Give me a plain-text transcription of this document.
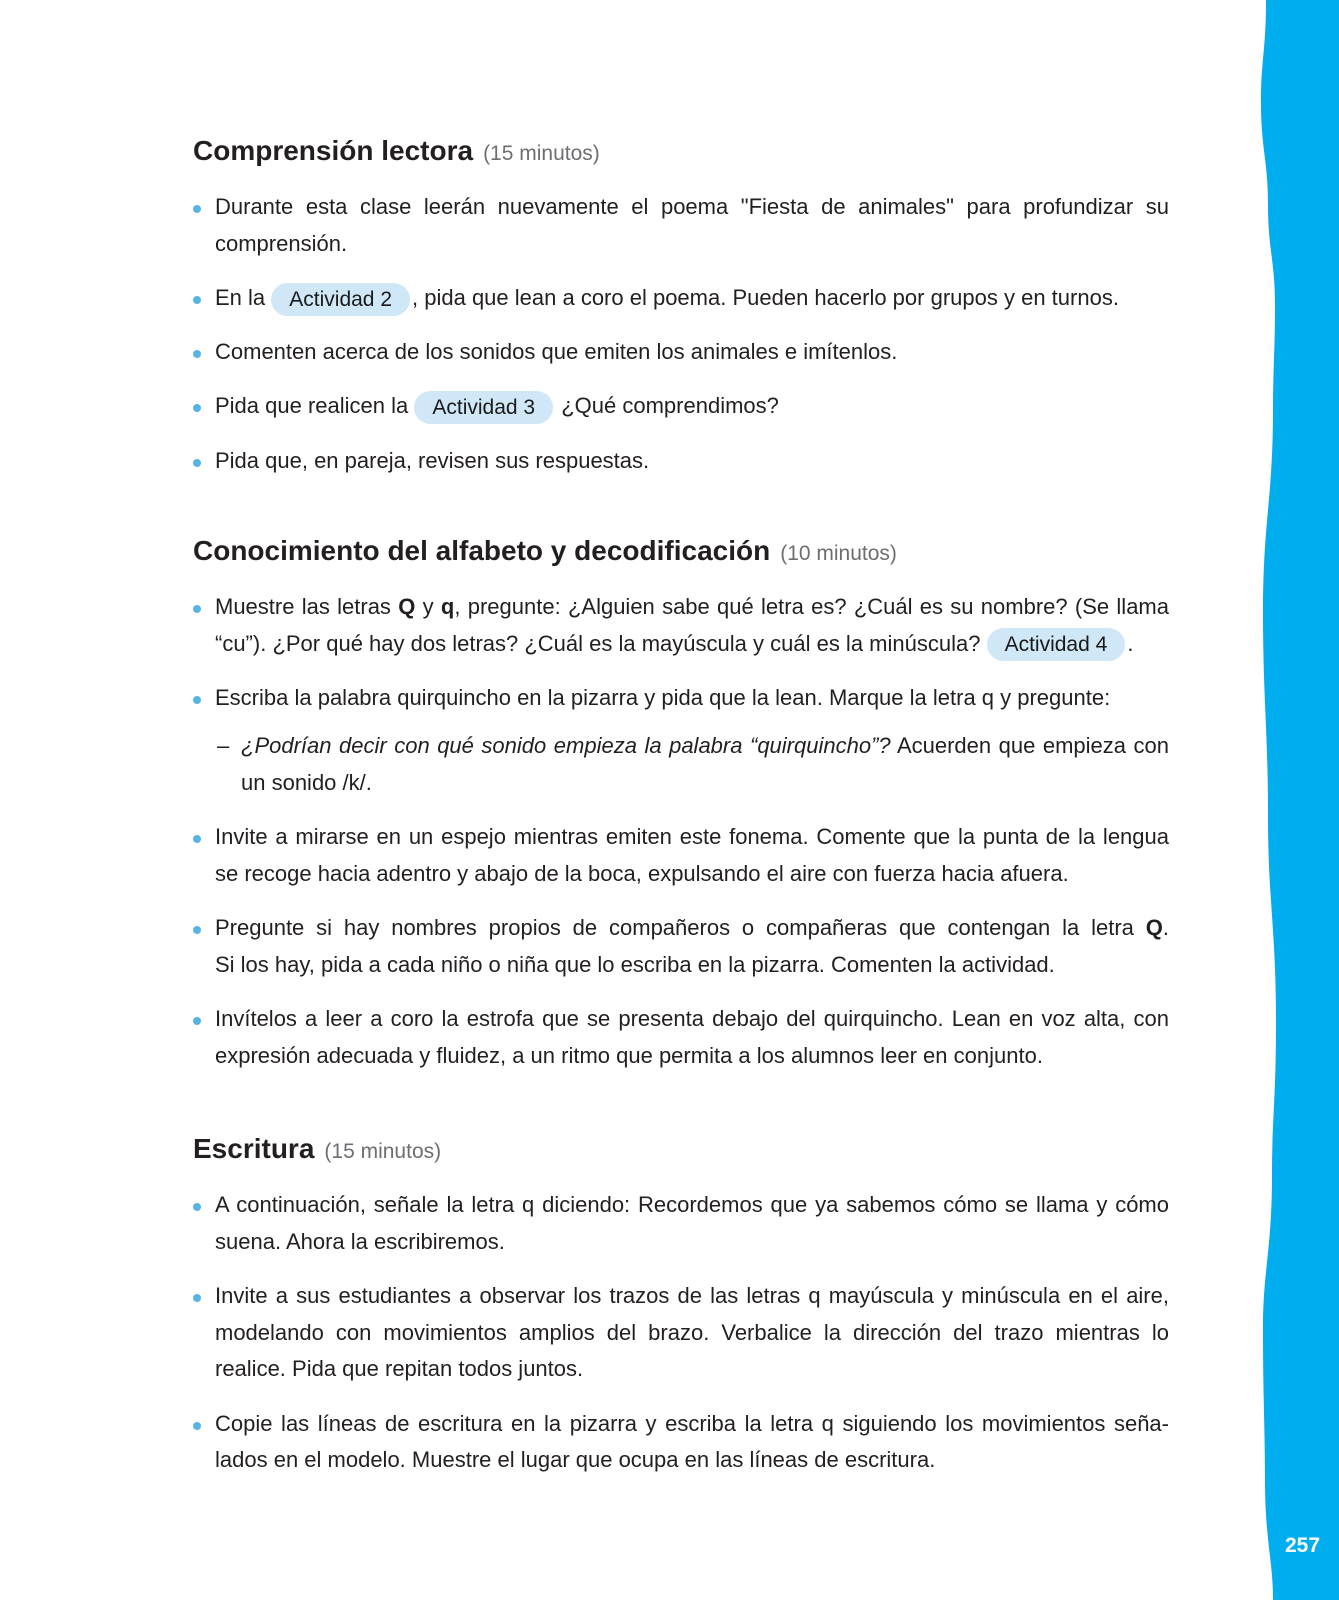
257
Comprensión lectora (15 minutos)
Durante esta clase leerán nuevamente el poema "Fiesta de animales" para profundizar su
comprensión.
En la Actividad 2 , pida que lean a coro el poema. Pueden hacerlo por grupos y en turnos.
Comenten acerca de los sonidos que emiten los animales e imítenlos.
Pida que realicen la Actividad 3 ¿Qué comprendimos?
Pida que, en pareja, revisen sus respuestas.
Conocimiento del alfabeto y decodificación (10 minutos)
Muestre las letras Q y q, pregunte: ¿Alguien sabe qué letra es? ¿Cuál es su nombre? (Se llama
“cu”). ¿Por qué hay dos letras? ¿Cuál es la mayúscula y cuál es la minúscula? Actividad 4 .
Escriba la palabra quirquincho en la pizarra y pida que la lean. Marque la letra q y pregunte:
– ¿Podrían decir con qué sonido empieza la palabra “quirquincho”? Acuerden que empieza con
un sonido /k/.
Invite a mirarse en un espejo mientras emiten este fonema. Comente que la punta de la lengua
se recoge hacia adentro y abajo de la boca, expulsando el aire con fuerza hacia afuera.
Pregunte si hay nombres propios de compañeros o compañeras que contengan la letra Q.
Si los hay, pida a cada niño o niña que lo escriba en la pizarra. Comenten la actividad.
Invítelos a leer a coro la estrofa que se presenta debajo del quirquincho. Lean en voz alta, con
expresión adecuada y fluidez, a un ritmo que permita a los alumnos leer en conjunto.
Escritura (15 minutos)
A continuación, señale la letra q diciendo: Recordemos que ya sabemos cómo se llama y cómo
suena. Ahora la escribiremos.
Invite a sus estudiantes a observar los trazos de las letras q mayúscula y minúscula en el aire,
modelando con movimientos amplios del brazo. Verbalice la dirección del trazo mientras lo
realice. Pida que repitan todos juntos.
Copie las líneas de escritura en la pizarra y escriba la letra q siguiendo los movimientos seña-
lados en el modelo. Muestre el lugar que ocupa en las líneas de escritura.
